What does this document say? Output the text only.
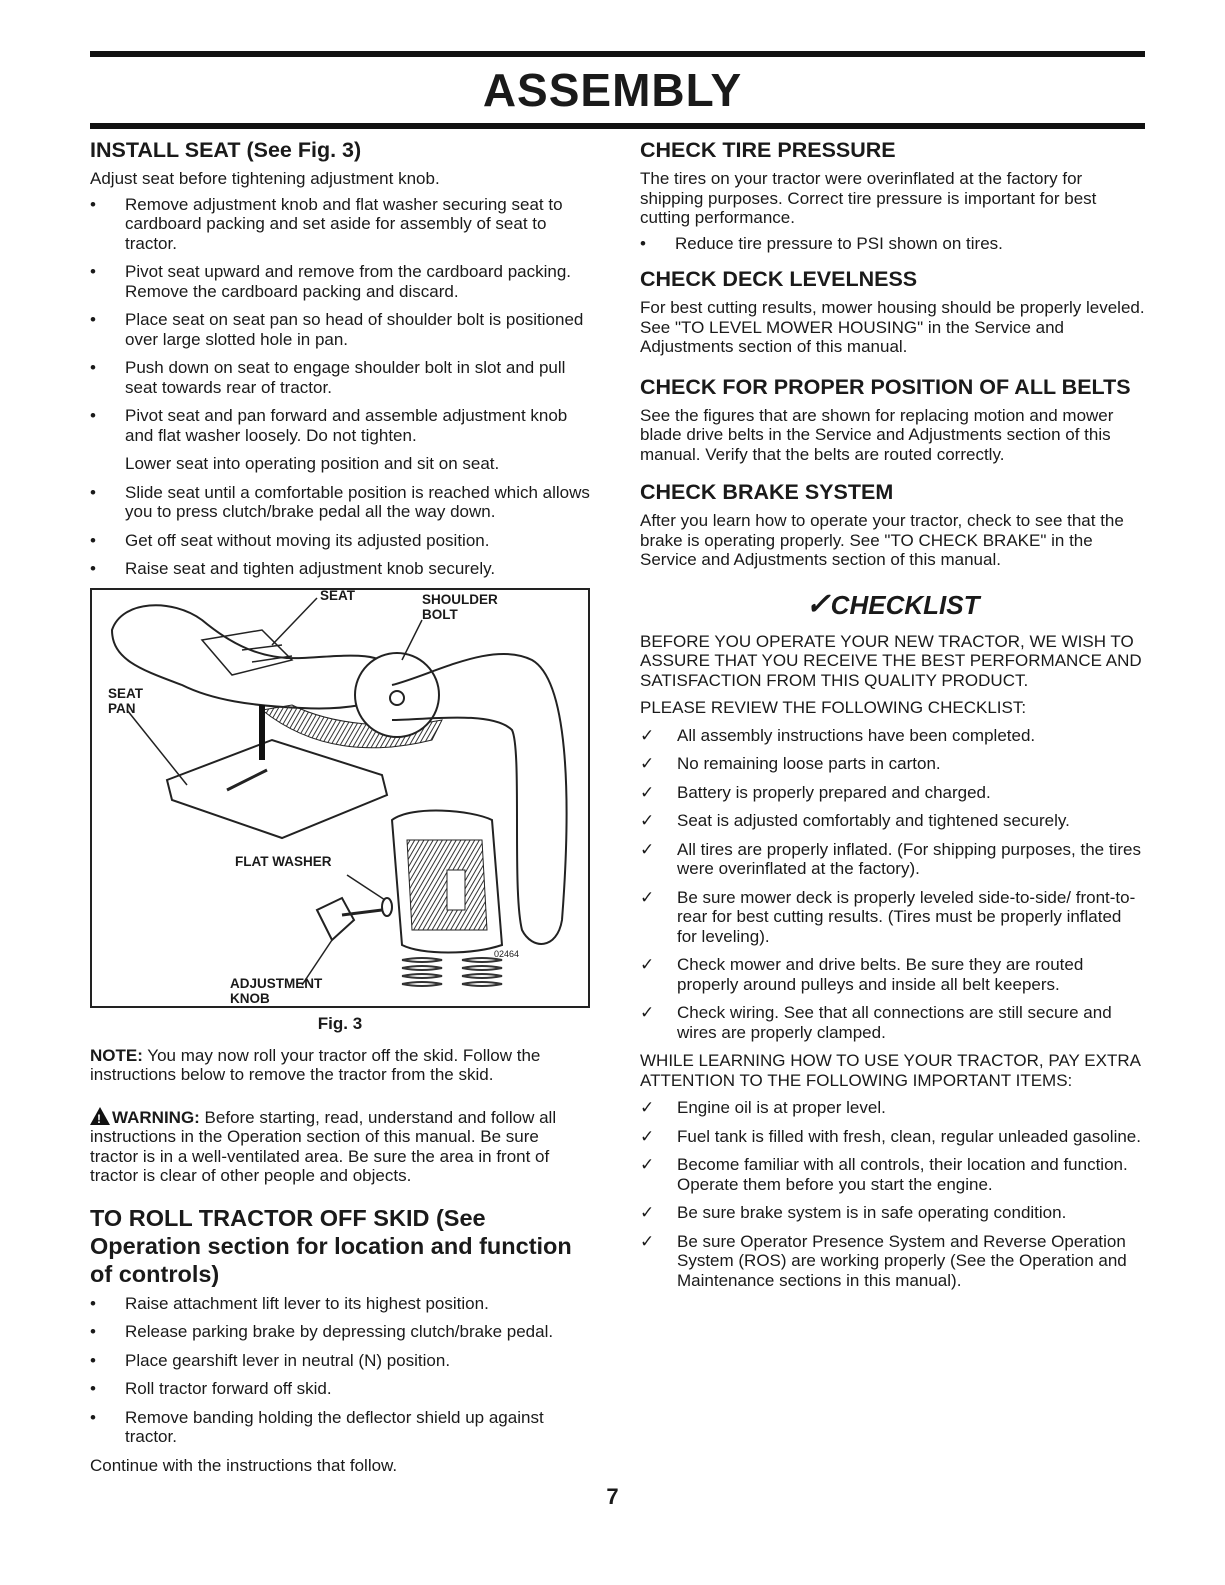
ASSEMBLY
INSTALL SEAT (See Fig. 3)

Adjust seat before tightening adjustment knob.

• Remove adjustment knob and flat washer securing seat to cardboard packing and set aside for assembly of seat to tractor.
• Pivot seat upward and remove from the cardboard packing. Remove the cardboard packing and discard.
• Place seat on seat pan so head of shoulder bolt is positioned over large slotted hole in pan.
• Push down on seat to engage shoulder bolt in slot and pull seat towards rear of tractor.
• Pivot seat and pan forward and assemble adjustment knob and flat washer loosely. Do not tighten.

Lower seat into operating position and sit on seat.

• Slide seat until a comfortable position is reached which allows you to press clutch/brake pedal all the way down.
• Get off seat without moving its adjusted position.
• Raise seat and tighten adjustment knob securely.
SEAT	SHOULDER
BOLT
SEAT
PAN
FLAT WASHER
ADJUSTMENT
KNOB
02464
Fig. 3

NOTE: You may now roll your tractor off the skid. Follow the instructions below to remove the tractor from the skid.

! WARNING: Before starting, read, understand and follow all instructions in the Operation section of this manual. Be sure tractor is in a well-ventilated area. Be sure the area in front of tractor is clear of other people and objects.

TO ROLL TRACTOR OFF SKID (See Operation section for location and function of controls)
• Raise attachment lift lever to its highest position.
• Release parking brake by depressing clutch/brake pedal.
• Place gearshift lever in neutral (N) position.
• Roll tractor forward off skid.
• Remove banding holding the deflector shield up against tractor.

Continue with the instructions that follow.

CHECK TIRE PRESSURE

The tires on your tractor were overinflated at the factory for shipping purposes. Correct tire pressure is important for best cutting performance.

• Reduce tire pressure to PSI shown on tires.
CHECK DECK LEVELNESS

For best cutting results, mower housing should be properly leveled. See "TO LEVEL MOWER HOUSING" in the Service and Adjustments section of this manual.

CHECK FOR PROPER POSITION OF ALL BELTS

See the figures that are shown for replacing motion and mower blade drive belts in the Service and Adjustments section of this manual. Verify that the belts are routed correctly.

CHECK BRAKE SYSTEM

After you learn how to operate your tractor, check to see that the brake is operating properly. See "TO CHECK BRAKE" in the Service and Adjustments section of this manual.

✓CHECKLIST

BEFORE YOU OPERATE YOUR NEW TRACTOR, WE WISH TO ASSURE THAT YOU RECEIVE THE BEST PERFORMANCE AND SATISFACTION FROM THIS QUALITY PRODUCT.

PLEASE REVIEW THE FOLLOWING CHECKLIST:

✓ All assembly instructions have been completed.
✓ No remaining loose parts in carton.
✓ Battery is properly prepared and charged.
✓ Seat is adjusted comfortably and tightened securely.
✓ All tires are properly inflated. (For shipping purposes, the tires were overinflated at the factory).
✓ Be sure mower deck is properly leveled side-to-side/ front-to-rear for best cutting results. (Tires must be properly inflated for leveling).
✓ Check mower and drive belts. Be sure they are routed properly around pulleys and inside all belt keepers.
✓ Check wiring. See that all connections are still secure and wires are properly clamped.

WHILE LEARNING HOW TO USE YOUR TRACTOR, PAY EXTRA ATTENTION TO THE FOLLOWING IMPORTANT ITEMS:

✓ Engine oil is at proper level.
✓ Fuel tank is filled with fresh, clean, regular unleaded gasoline.
✓ Become familiar with all controls, their location and function. Operate them before you start the engine.
✓ Be sure brake system is in safe operating condition.
✓ Be sure Operator Presence System and Reverse Operation System (ROS) are working properly (See the Operation and Maintenance sections in this manual).
7
